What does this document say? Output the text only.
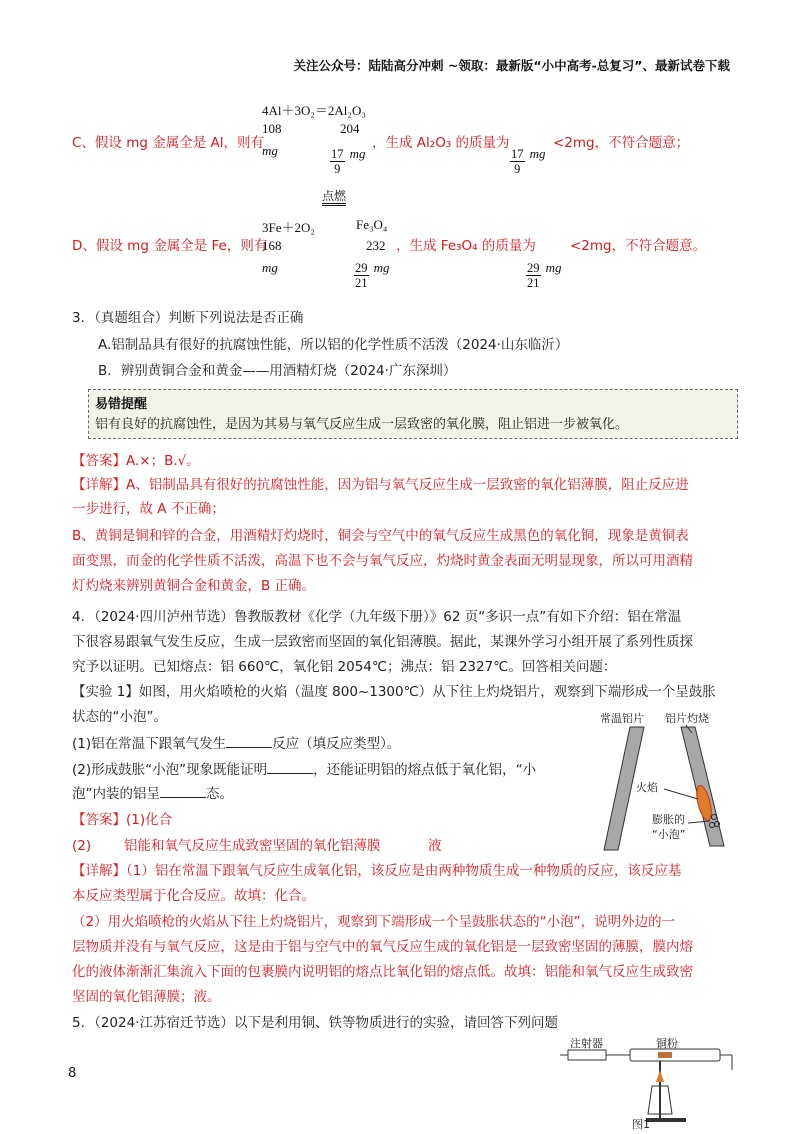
关注公众号：陆陆高分冲刺 ~领取：最新版“小中高考-总复习”、最新试卷下载
4Al＋3O₂＝2Al₂O₃
C、假设 mg 金属全是 Al，则有
108
mg
204
$\frac{17}{9}$ mg
，生成 Al₂O₃ 的质量为
$\frac{17}{9}$ mg
<2mg，不符合题意；
点燃
3Fe＋2O₂	Fe₃O₄
D、假设 mg 金属全是 Fe，则有
168
mg
232
$\frac{29}{21}$ mg
，生成 Fe₃O₄ 的质量为
$\frac{29}{21}$ mg
<2mg，不符合题意。
3．（真题组合）判断下列说法是否正确
A.铝制品具有很好的抗腐蚀性能，所以铝的化学性质不活泼（2024·山东临沂）
B．辨别黄铜合金和黄金——用酒精灯烧（2024·广东深圳）
易错提醒
铝有良好的抗腐蚀性，是因为其易与氧气反应生成一层致密的氧化膜，阻止铝进一步被氧化。
【答案】A.×；B.√。
【详解】A、铝制品具有很好的抗腐蚀性能，因为铝与氧气反应生成一层致密的氧化铝薄膜，阻止反应进
一步进行，故 A 不正确；
B、黄铜是铜和锌的合金，用酒精灯灼烧时，铜会与空气中的氧气反应生成黑色的氧化铜，现象是黄铜表
面变黑，而金的化学性质不活泼，高温下也不会与氧气反应，灼烧时黄金表面无明显现象，所以可用酒精
灯灼烧来辨别黄铜合金和黄金，B 正确。
4．（2024·四川泸州节选）鲁教版教材《化学（九年级下册）》62 页“多识一点”有如下介绍：铝在常温
下很容易跟氧气发生反应，生成一层致密而坚固的氧化铝薄膜。据此，某课外学习小组开展了系列性质探
究予以证明。已知熔点：铝 660℃，氧化铝 2054℃；沸点：铝 2327℃。回答相关问题：
【实验 1】如图，用火焰喷枪的火焰（温度 800~1300℃）从下往上灼烧铝片，观察到下端形成一个呈鼓胀
状态的“小泡”。
(1)铝在常温下跟氧气发生	反应（填反应类型）。
(2)形成鼓胀“小泡”现象既能证明	，还能证明铝的熔点低于氧化铝，“小
泡”内装的铝呈	态。
【答案】(1)化合
(2) 铝能和氧气反应生成致密坚固的氧化铝薄膜	液
【详解】（1）铝在常温下跟氧气反应生成氧化铝，该反应是由两种物质生成一种物质的反应，该反应基
本反应类型属于化合反应。故填：化合。
（2）用火焰喷枪的火焰从下往上灼烧铝片，观察到下端形成一个呈鼓胀状态的“小泡”，说明外边的一
层物质并没有与氧气反应，这是由于铝与空气中的氧气反应生成的氧化铝是一层致密坚固的薄膜，膜内熔
化的液体渐渐汇集流入下面的包裹膜内说明铝的熔点比氧化铝的熔点低。故填：铝能和氧气反应生成致密
坚固的氧化铝薄膜；液。
常温铝片 铝片灼烧
火焰
膨胀的
“小泡”
5．（2024·江苏宿迁节选）以下是利用铜、铁等物质进行的实验，请回答下列问题
注射器	铜粉
图1
8
